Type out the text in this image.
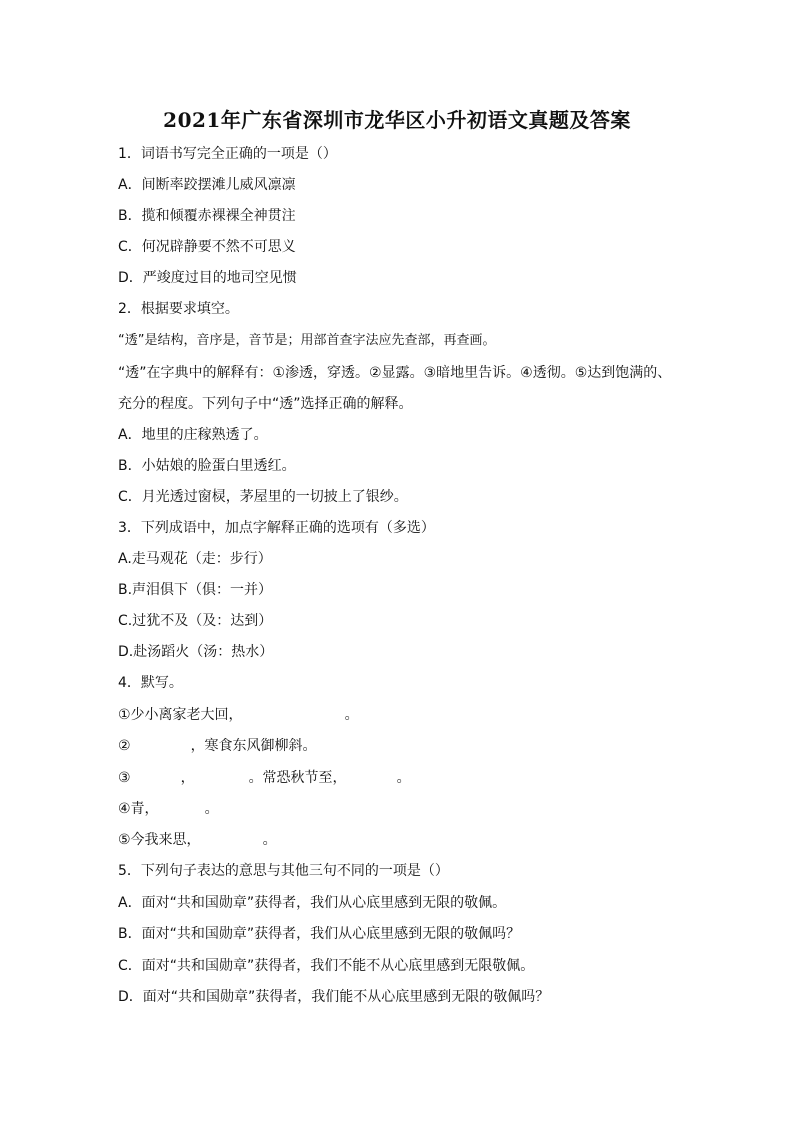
2021年广东省深圳市龙华区小升初语文真题及答案
1．词语书写完全正确的一项是（）
A．间断率跤摆滩儿威风凛凛
B．揽和倾覆赤裸裸全神贯注
C．何况辟静要不然不可思义
D．严竣度过目的地司空见惯
2．根据要求填空。
“透”是结构，音序是，音节是；用部首查字法应先查部，再查画。
“透”在字典中的解释有：①渗透，穿透。②显露。③暗地里告诉。④透彻。⑤达到饱满的、
充分的程度。下列句子中“透”选择正确的解释。
A．地里的庄稼熟透了。
B．小姑娘的脸蛋白里透红。
C．月光透过窗棂，茅屋里的一切披上了银纱。
3．下列成语中，加点字解释正确的选项有（多选）
A.走马观花（走：步行）
B.声泪俱下（俱：一并）
C.过犹不及（及：达到）
D.赴汤蹈火（汤：热水）
4．默写。
①少小离家老大回，	。
②	，寒食东风御柳斜。
③	，	。常恐秋节至，	。
④青，	。
⑤今我来思，	。
5．下列句子表达的意思与其他三句不同的一项是（）
A．面对“共和国勋章”获得者，我们从心底里感到无限的敬佩。
B．面对“共和国勋章”获得者，我们从心底里感到无限的敬佩吗？
C．面对“共和国勋章”获得者，我们不能不从心底里感到无限敬佩。
D．面对“共和国勋章”获得者，我们能不从心底里感到无限的敬佩吗？
